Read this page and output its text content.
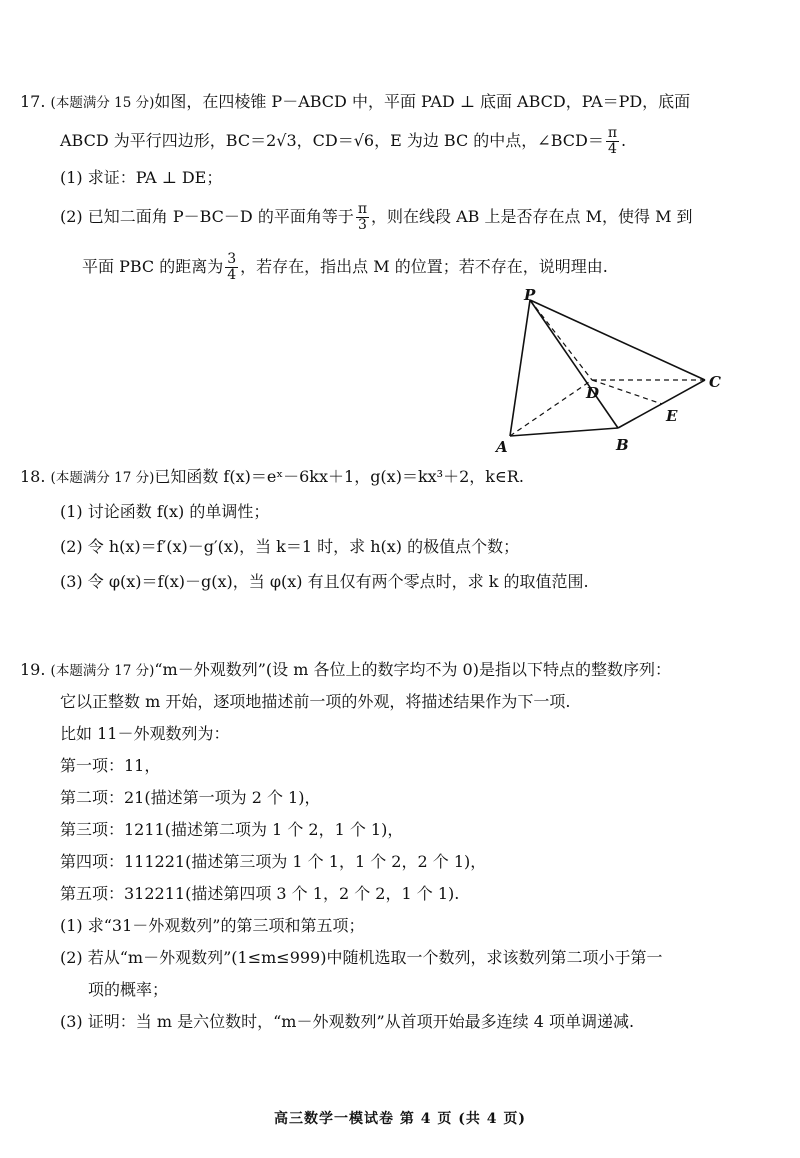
17. (本题满分 15 分)如图，在四棱锥 P－ABCD 中，平面 PAD ⊥ 底面 ABCD，PA＝PD，底面
ABCD 为平行四边形，BC＝2√3，CD＝√6，E 为边 BC 的中点，∠BCD＝ $\frac{\pi}{4}$ .
(1) 求证：PA ⊥ DE；
(2) 已知二面角 P－BC－D 的平面角等于 $\frac{\pi}{3}$ ，则在线段 AB 上是否存在点 M，使得 M 到
平面 PBC 的距离为 $\frac{3}{4}$ ，若存在，指出点 M 的位置；若不存在，说明理由.
P
D
C
E
A	B
18. (本题满分 17 分)已知函数 f(x)＝eˣ－6kx＋1，g(x)＝kx³＋2，k∈R.
(1) 讨论函数 f(x) 的单调性；
(2) 令 h(x)＝f′(x)－g′(x)，当 k＝1 时，求 h(x) 的极值点个数；
(3) 令 φ(x)＝f(x)－g(x)，当 φ(x) 有且仅有两个零点时，求 k 的取值范围.
19. (本题满分 17 分)“m－外观数列”(设 m 各位上的数字均不为 0)是指以下特点的整数序列：
它以正整数 m 开始，逐项地描述前一项的外观，将描述结果作为下一项.
比如 11－外观数列为：
第一项：11，
第二项：21(描述第一项为 2 个 1)，
第三项：1211(描述第二项为 1 个 2，1 个 1)，
第四项：111221(描述第三项为 1 个 1，1 个 2，2 个 1)，
第五项：312211(描述第四项 3 个 1，2 个 2，1 个 1).
(1) 求“31－外观数列”的第三项和第五项；
(2) 若从“m－外观数列”(1≤m≤999)中随机选取一个数列，求该数列第二项小于第一
项的概率；
(3) 证明：当 m 是六位数时，“m－外观数列”从首项开始最多连续 4 项单调递减.
高三数学一模试卷 第 4 页 (共 4 页)
